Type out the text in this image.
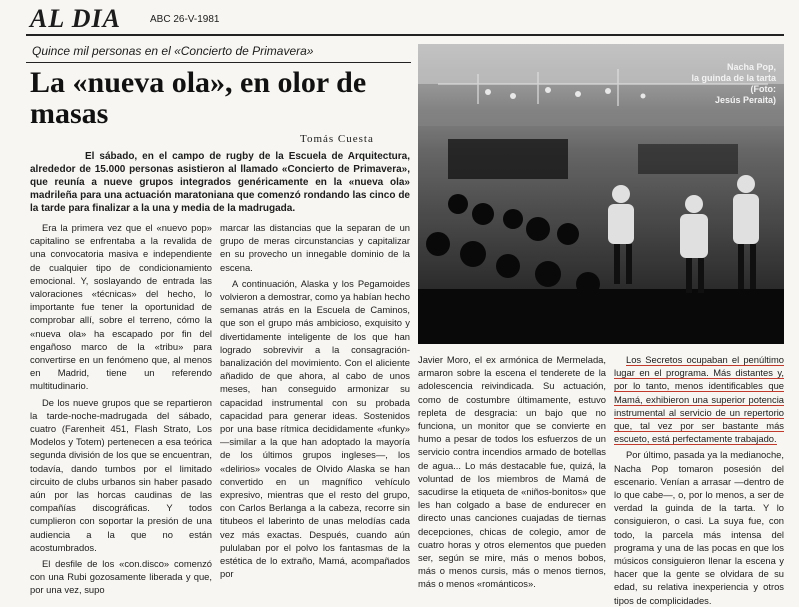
AL DIA	ABC 26-V-1981
Quince mil personas en el «Concierto de Primavera»
La «nueva ola», en olor de masas
Tomás Cuesta
El sábado, en el campo de rugby de la Escuela de Arquitectura, alrededor de 15.000 personas asistieron al llamado «Concierto de Primavera», que reunía a nueve grupos integrados genéricamente en la «nueva ola» madrileña para una actuación maratoniana que comenzó rondando las cinco de la tarde para finalizar a la una y media de la madrugada.

Era la primera vez que el «nuevo pop» capitalino se enfrentaba a la revalida de una convocatoria masiva e independiente de cualquier tipo de condicionamiento emocional. Y, soslayando de entrada las valoraciones «técnicas» del hecho, lo importante fue tener la oportunidad de comprobar allí, sobre el terreno, cómo la «nueva ola» ha escapado por fin del engañoso marco de la «tribu» para convertirse en un fenómeno que, al menos en Madrid, tiene un referendo multitudinario.

De los nueve grupos que se repartieron la tarde-noche-madrugada del sábado, cuatro (Farenheit 451, Flash Strato, Los Modelos y Totem) pertenecen a esa teórica segunda división de los que se encuentran, todavía, dando tumbos por el limitado circuito de clubs urbanos sin haber pasado aún por las horcas caudinas de las compañías discográficas. Y todos cumplieron con soportar la presión de una audiencia a la que no están acostumbrados.

El desfile de los «con.disco» comenzó con una Rubi gozosamente liberada y que, por una vez, supo

marcar las distancias que la separan de un grupo de meras circunstancias y capitalizar en su provecho un innegable dominio de la escena.

A continuación, Alaska y los Pegamoides volvieron a demostrar, como ya habían hecho semanas atrás en la Escuela de Caminos, que son el grupo más ambicioso, exquisito y divertidamente inteligente de los que han logrado sobrevivir a la consagración-banalización del movimiento. Con el aliciente añadido de que ahora, al cabo de unos meses, han conseguido armonizar su capacidad instrumental con su probada capacidad para generar ideas. Sostenidos por una base rítmica decididamente «funky» —similar a la que han adoptado la mayoría de los últimos grupos ingleses—, los «delirios» vocales de Olvido Alaska se han convertido en un magnífico vehículo expresivo, mientras que el resto del grupo, con Carlos Berlanga a la cabeza, recorre sin titubeos el laberinto de unas melodías cada vez más exactas. Después, cuando aún pululaban por el polvo los fantasmas de la estética de lo extraño, Mamá, acompañados por

Nacha Pop,
la guinda de la tarta
(Foto:
Jesús Peraita)

Javier Moro, el ex armónica de Mermelada, armaron sobre la escena el tenderete de la adolescencia reivindicada. Su actuación, como de costumbre últimamente, estuvo repleta de desgracia: un bajo que no funciona, un monitor que se convierte en humo a pesar de todos los esfuerzos de un servicio contra incendios armado de botellas de agua... Lo más destacable fue, quizá, la voluntad de los miembros de Mamá de sacudirse la etiqueta de «niños-bonitos» que les han colgado a base de endurecer en directo unas canciones cuajadas de tiernas decepciones, chicas de colegio, amor de cuatro horas y otros elementos que pueden ser, según se mire, más o menos bobos, más o menos cursis, más o menos tiernos, más o menos «románticos».

Los Secretos ocupaban el penúltimo lugar en el programa. Más distantes y, por lo tanto, menos identificables que Mamá, exhibieron una superior potencia instrumental al servicio de un repertorio que, tal vez por ser bastante más escueto, está perfectamente trabajado.

Por último, pasada ya la medianoche, Nacha Pop tomaron posesión del escenario. Venían a arrasar —dentro de lo que cabe—, o, por lo menos, a ser de verdad la guinda de la tarta. Y lo consiguieron, o casi. La suya fue, con todo, la parcela más intensa del programa y una de las pocas en que los músicos consiguieron llenar la escena y hacer que la gente se olvidara de su edad, su relativa inexperiencia y otros tipos de complicidades.
